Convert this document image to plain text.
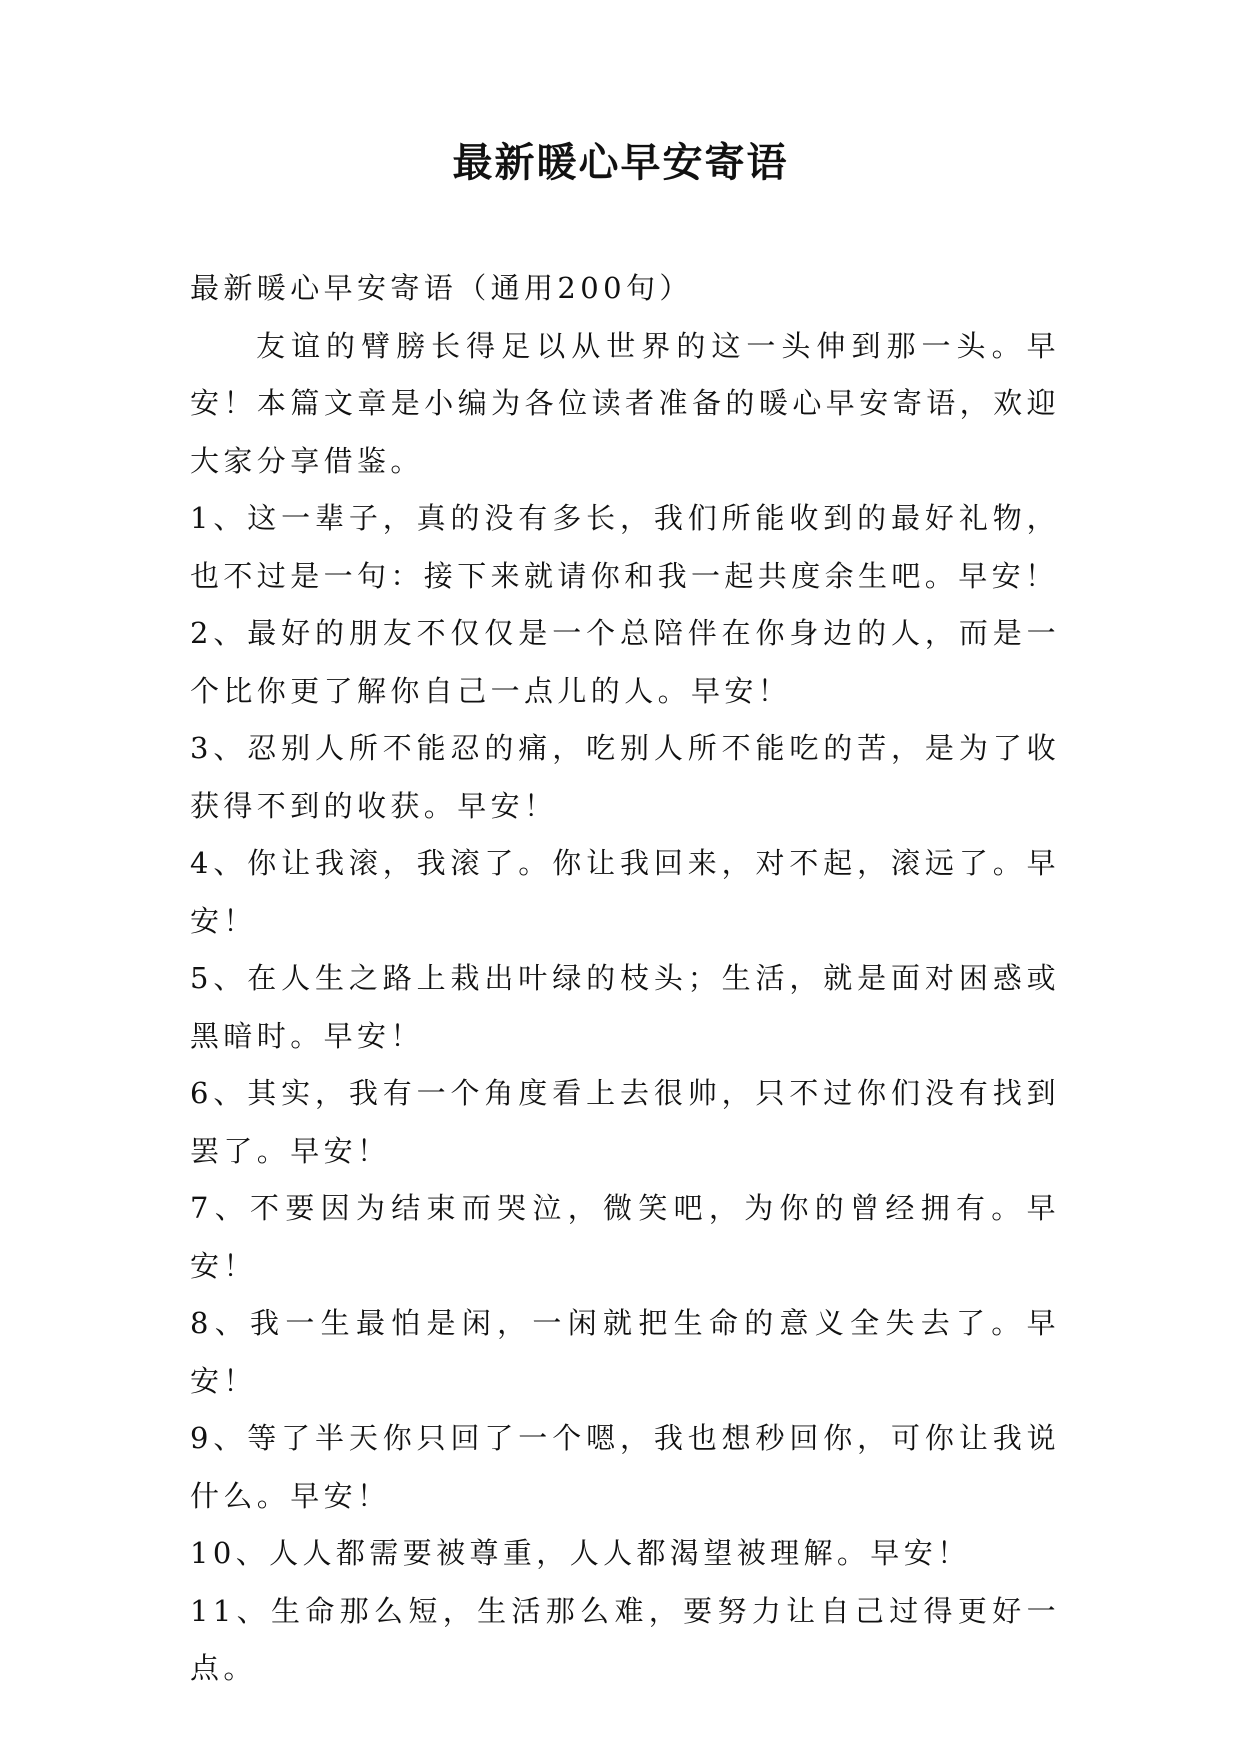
最新暖心早安寄语

最新暖心早安寄语（通用200句）

友谊的臂膀长得足以从世界的这一头伸到那一头。早安！本篇文章是小编为各位读者准备的暖心早安寄语，欢迎大家分享借鉴。

1、这一辈子，真的没有多长，我们所能收到的最好礼物，也不过是一句：接下来就请你和我一起共度余生吧。早安！

2、最好的朋友不仅仅是一个总陪伴在你身边的人，而是一个比你更了解你自己一点儿的人。早安！

3、忍别人所不能忍的痛，吃别人所不能吃的苦，是为了收获得不到的收获。早安！

4、你让我滚，我滚了。你让我回来，对不起，滚远了。早安！

5、在人生之路上栽出叶绿的枝头；生活，就是面对困惑或黑暗时。早安！

6、其实，我有一个角度看上去很帅，只不过你们没有找到罢了。早安！

7、不要因为结束而哭泣，微笑吧，为你的曾经拥有。早安！

8、我一生最怕是闲，一闲就把生命的意义全失去了。早安！

9、等了半天你只回了一个嗯，我也想秒回你，可你让我说什么。早安！

10、人人都需要被尊重，人人都渴望被理解。早安！

11、生命那么短，生活那么难，要努力让自己过得更好一点。
